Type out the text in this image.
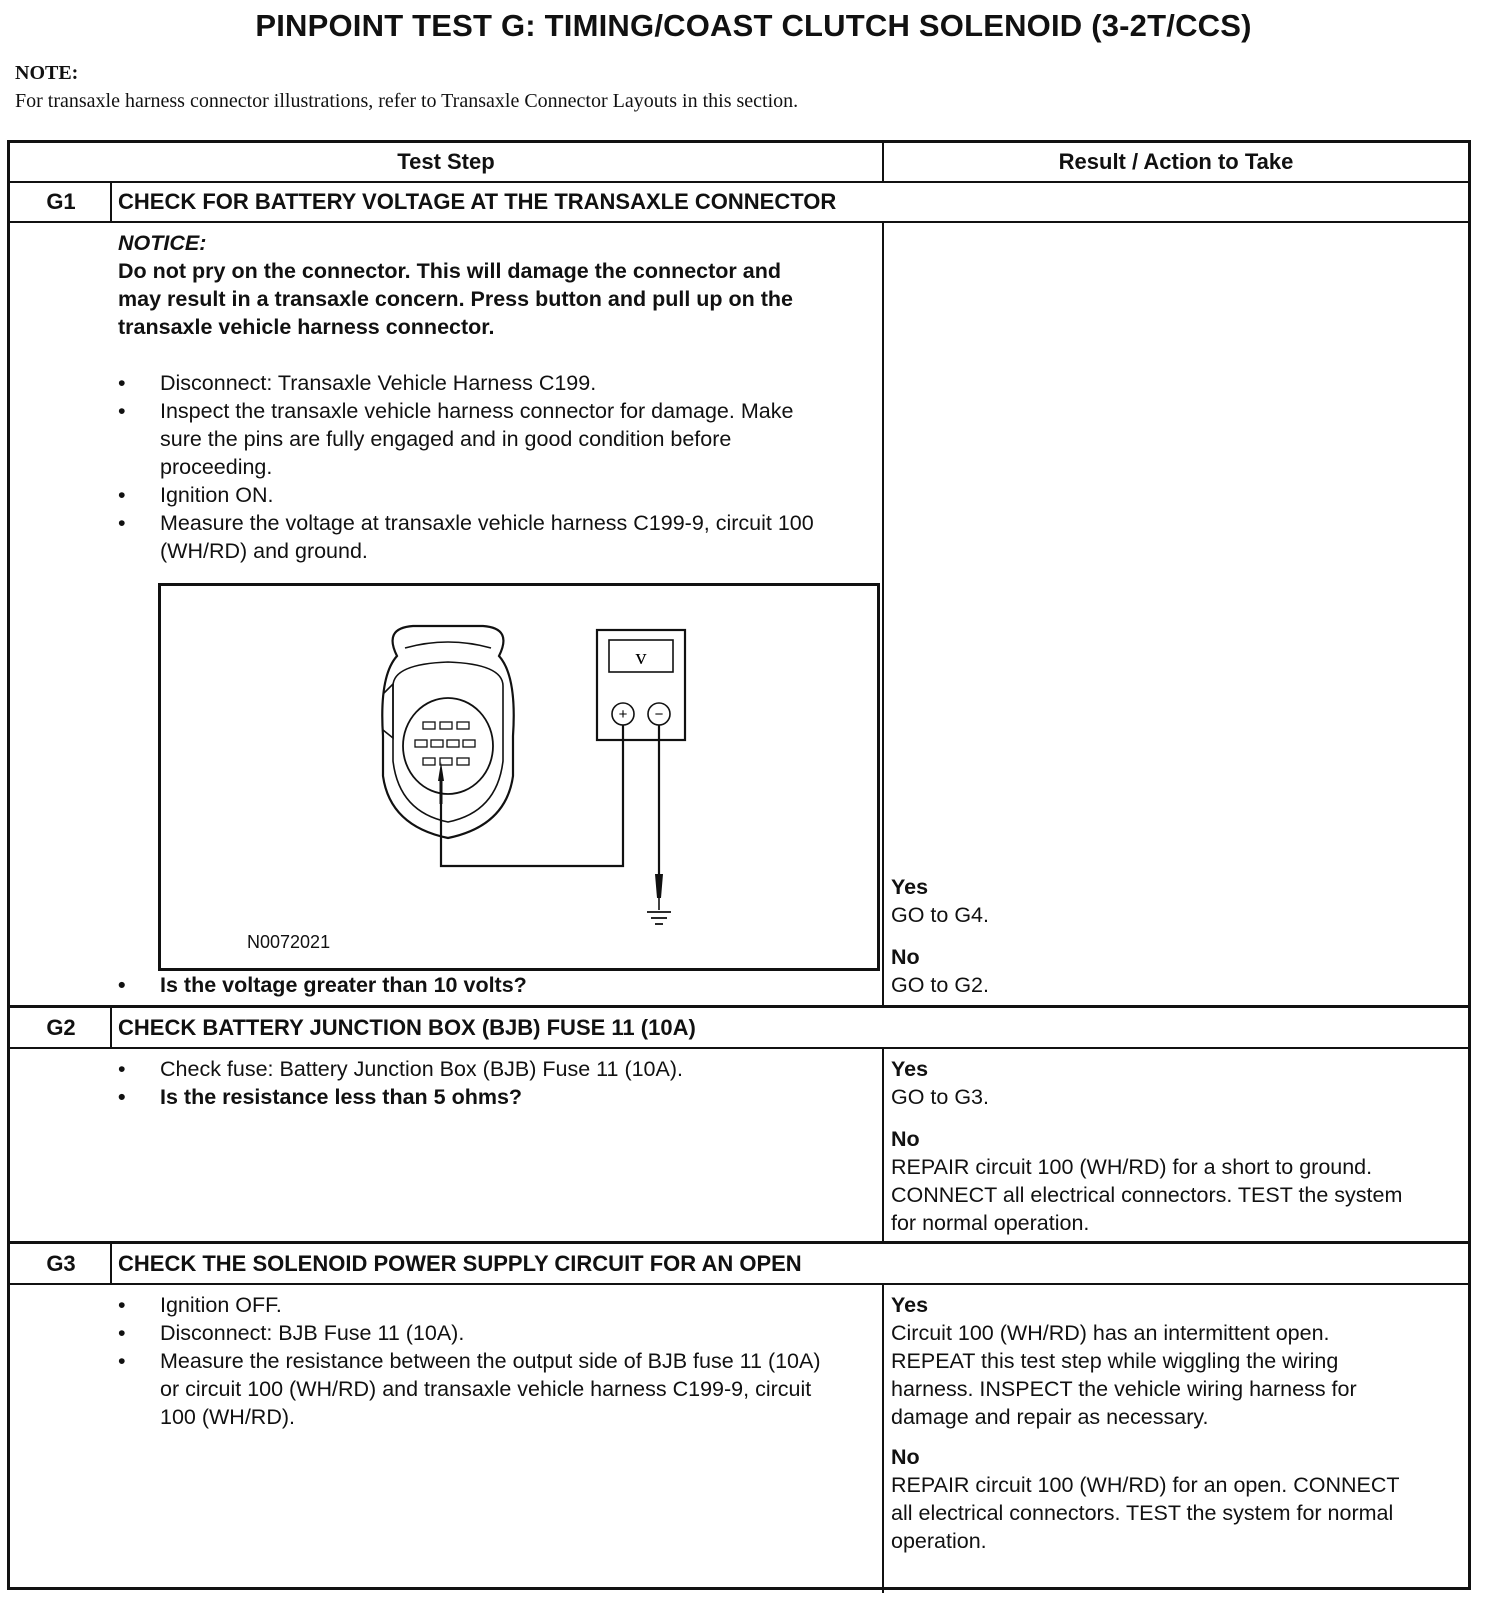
PINPOINT TEST G: TIMING/COAST CLUTCH SOLENOID (3-2T/CCS)
NOTE:
For transaxle harness connector illustrations, refer to Transaxle Connector Layouts in this section.
Test Step	Result / Action to Take
G1	CHECK FOR BATTERY VOLTAGE AT THE TRANSAXLE CONNECTOR
NOTICE:
Do not pry on the connector. This will damage the connector and
may result in a transaxle concern. Press button and pull up on the
transaxle vehicle harness connector.
• Disconnect: Transaxle Vehicle Harness C199.
• Inspect the transaxle vehicle harness connector for damage. Make
sure the pins are fully engaged and in good condition before
proceeding.
• Ignition ON.
• Measure the voltage at transaxle vehicle harness C199-9, circuit 100
(WH/RD) and ground.
v
+ −
N0072021
• Is the voltage greater than 10 volts?
Yes
GO to G4.
No
GO to G2.
G2	CHECK BATTERY JUNCTION BOX (BJB) FUSE 11 (10A)
• Check fuse: Battery Junction Box (BJB) Fuse 11 (10A).
• Is the resistance less than 5 ohms?
Yes
GO to G3.
No
REPAIR circuit 100 (WH/RD) for a short to ground.
CONNECT all electrical connectors. TEST the system
for normal operation.
G3	CHECK THE SOLENOID POWER SUPPLY CIRCUIT FOR AN OPEN
• Ignition OFF.
• Disconnect: BJB Fuse 11 (10A).
• Measure the resistance between the output side of BJB fuse 11 (10A)
or circuit 100 (WH/RD) and transaxle vehicle harness C199-9, circuit
100 (WH/RD).
Yes
Circuit 100 (WH/RD) has an intermittent open.
REPEAT this test step while wiggling the wiring
harness. INSPECT the vehicle wiring harness for
damage and repair as necessary.
No
REPAIR circuit 100 (WH/RD) for an open. CONNECT
all electrical connectors. TEST the system for normal
operation.
